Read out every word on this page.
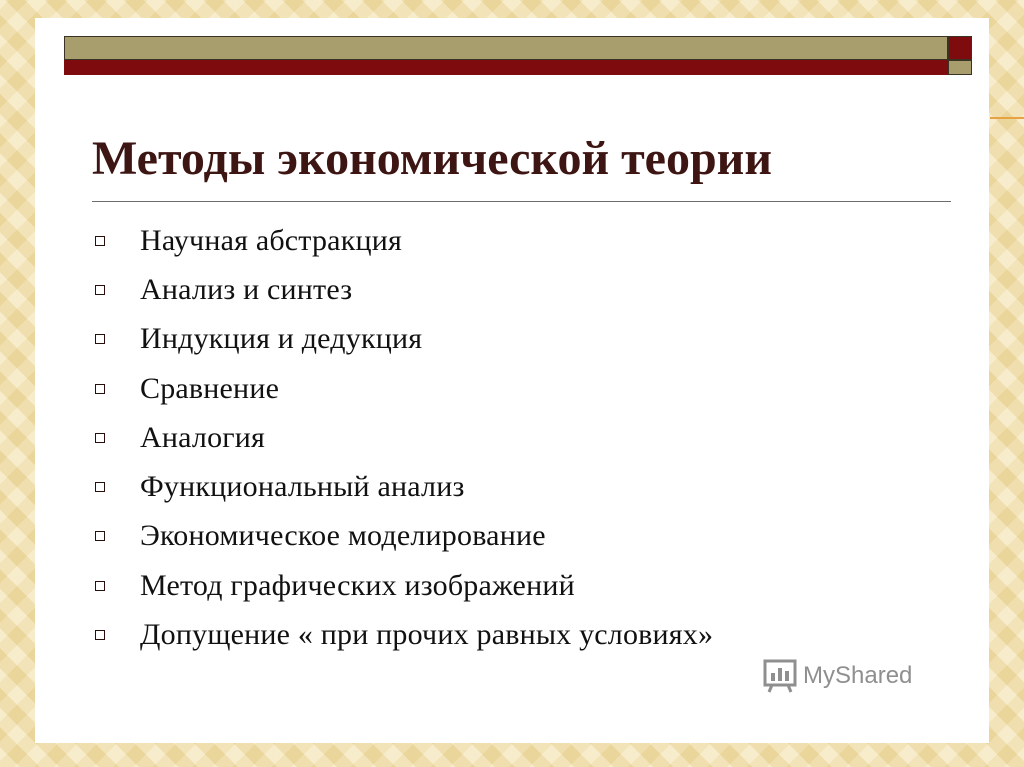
Методы экономической теории
Научная абстракция
Анализ и синтез
Индукция и дедукция
Сравнение
Аналогия
Функциональный анализ
Экономическое моделирование
Метод графических изображений
Допущение « при прочих равных условиях»
MyShared
